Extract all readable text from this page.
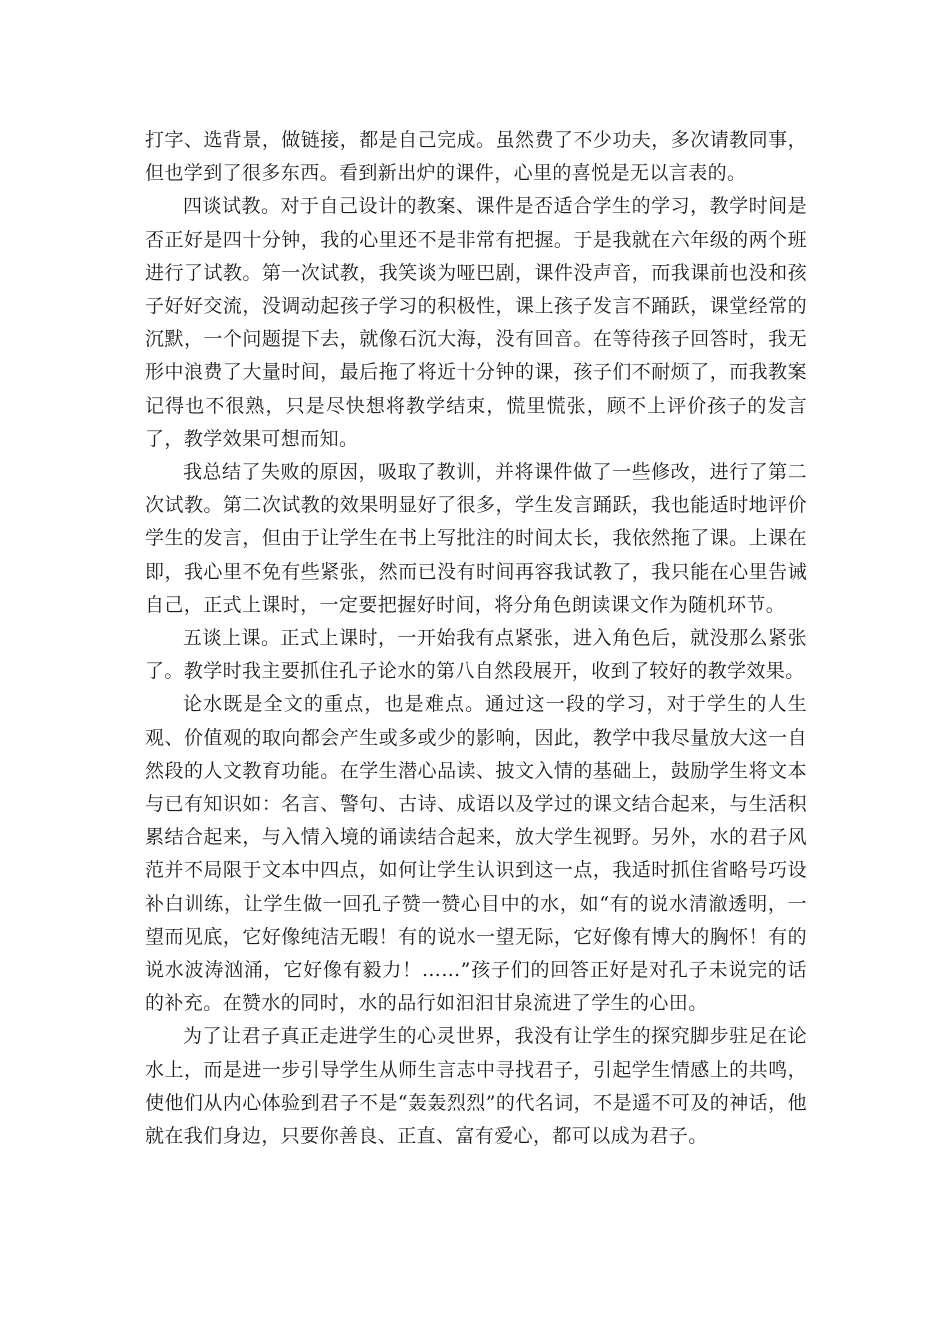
打字、选背景，做链接，都是自己完成。虽然费了不少功夫，多次请教同事，但也学到了很多东西。看到新出炉的课件，心里的喜悦是无以言表的。

四谈试教。对于自己设计的教案、课件是否适合学生的学习，教学时间是否正好是四十分钟，我的心里还不是非常有把握。于是我就在六年级的两个班进行了试教。第一次试教，我笑谈为哑巴剧，课件没声音，而我课前也没和孩子好好交流，没调动起孩子学习的积极性，课上孩子发言不踊跃，课堂经常的沉默，一个问题提下去，就像石沉大海，没有回音。在等待孩子回答时，我无形中浪费了大量时间，最后拖了将近十分钟的课，孩子们不耐烦了，而我教案记得也不很熟，只是尽快想将教学结束，慌里慌张，顾不上评价孩子的发言了，教学效果可想而知。

我总结了失败的原因，吸取了教训，并将课件做了一些修改，进行了第二次试教。第二次试教的效果明显好了很多，学生发言踊跃，我也能适时地评价学生的发言，但由于让学生在书上写批注的时间太长，我依然拖了课。上课在即，我心里不免有些紧张，然而已没有时间再容我试教了，我只能在心里告诫自己，正式上课时，一定要把握好时间，将分角色朗读课文作为随机环节。

五谈上课。正式上课时，一开始我有点紧张，进入角色后，就没那么紧张了。教学时我主要抓住孔子论水的第八自然段展开，收到了较好的教学效果。

论水既是全文的重点，也是难点。通过这一段的学习，对于学生的人生观、价值观的取向都会产生或多或少的影响，因此，教学中我尽量放大这一自然段的人文教育功能。在学生潜心品读、披文入情的基础上，鼓励学生将文本与已有知识如：名言、警句、古诗、成语以及学过的课文结合起来，与生活积累结合起来，与入情入境的诵读结合起来，放大学生视野。另外，水的君子风范并不局限于文本中四点，如何让学生认识到这一点，我适时抓住省略号巧设补白训练，让学生做一回孔子赞一赞心目中的水，如“有的说水清澈透明，一望而见底，它好像纯洁无暇！有的说水一望无际，它好像有博大的胸怀！有的说水波涛汹涌，它好像有毅力！……”孩子们的回答正好是对孔子未说完的话的补充。在赞水的同时，水的品行如汩汩甘泉流进了学生的心田。

为了让君子真正走进学生的心灵世界，我没有让学生的探究脚步驻足在论水上，而是进一步引导学生从师生言志中寻找君子，引起学生情感上的共鸣，使他们从内心体验到君子不是“轰轰烈烈”的代名词，不是遥不可及的神话，他就在我们身边，只要你善良、正直、富有爱心，都可以成为君子。
